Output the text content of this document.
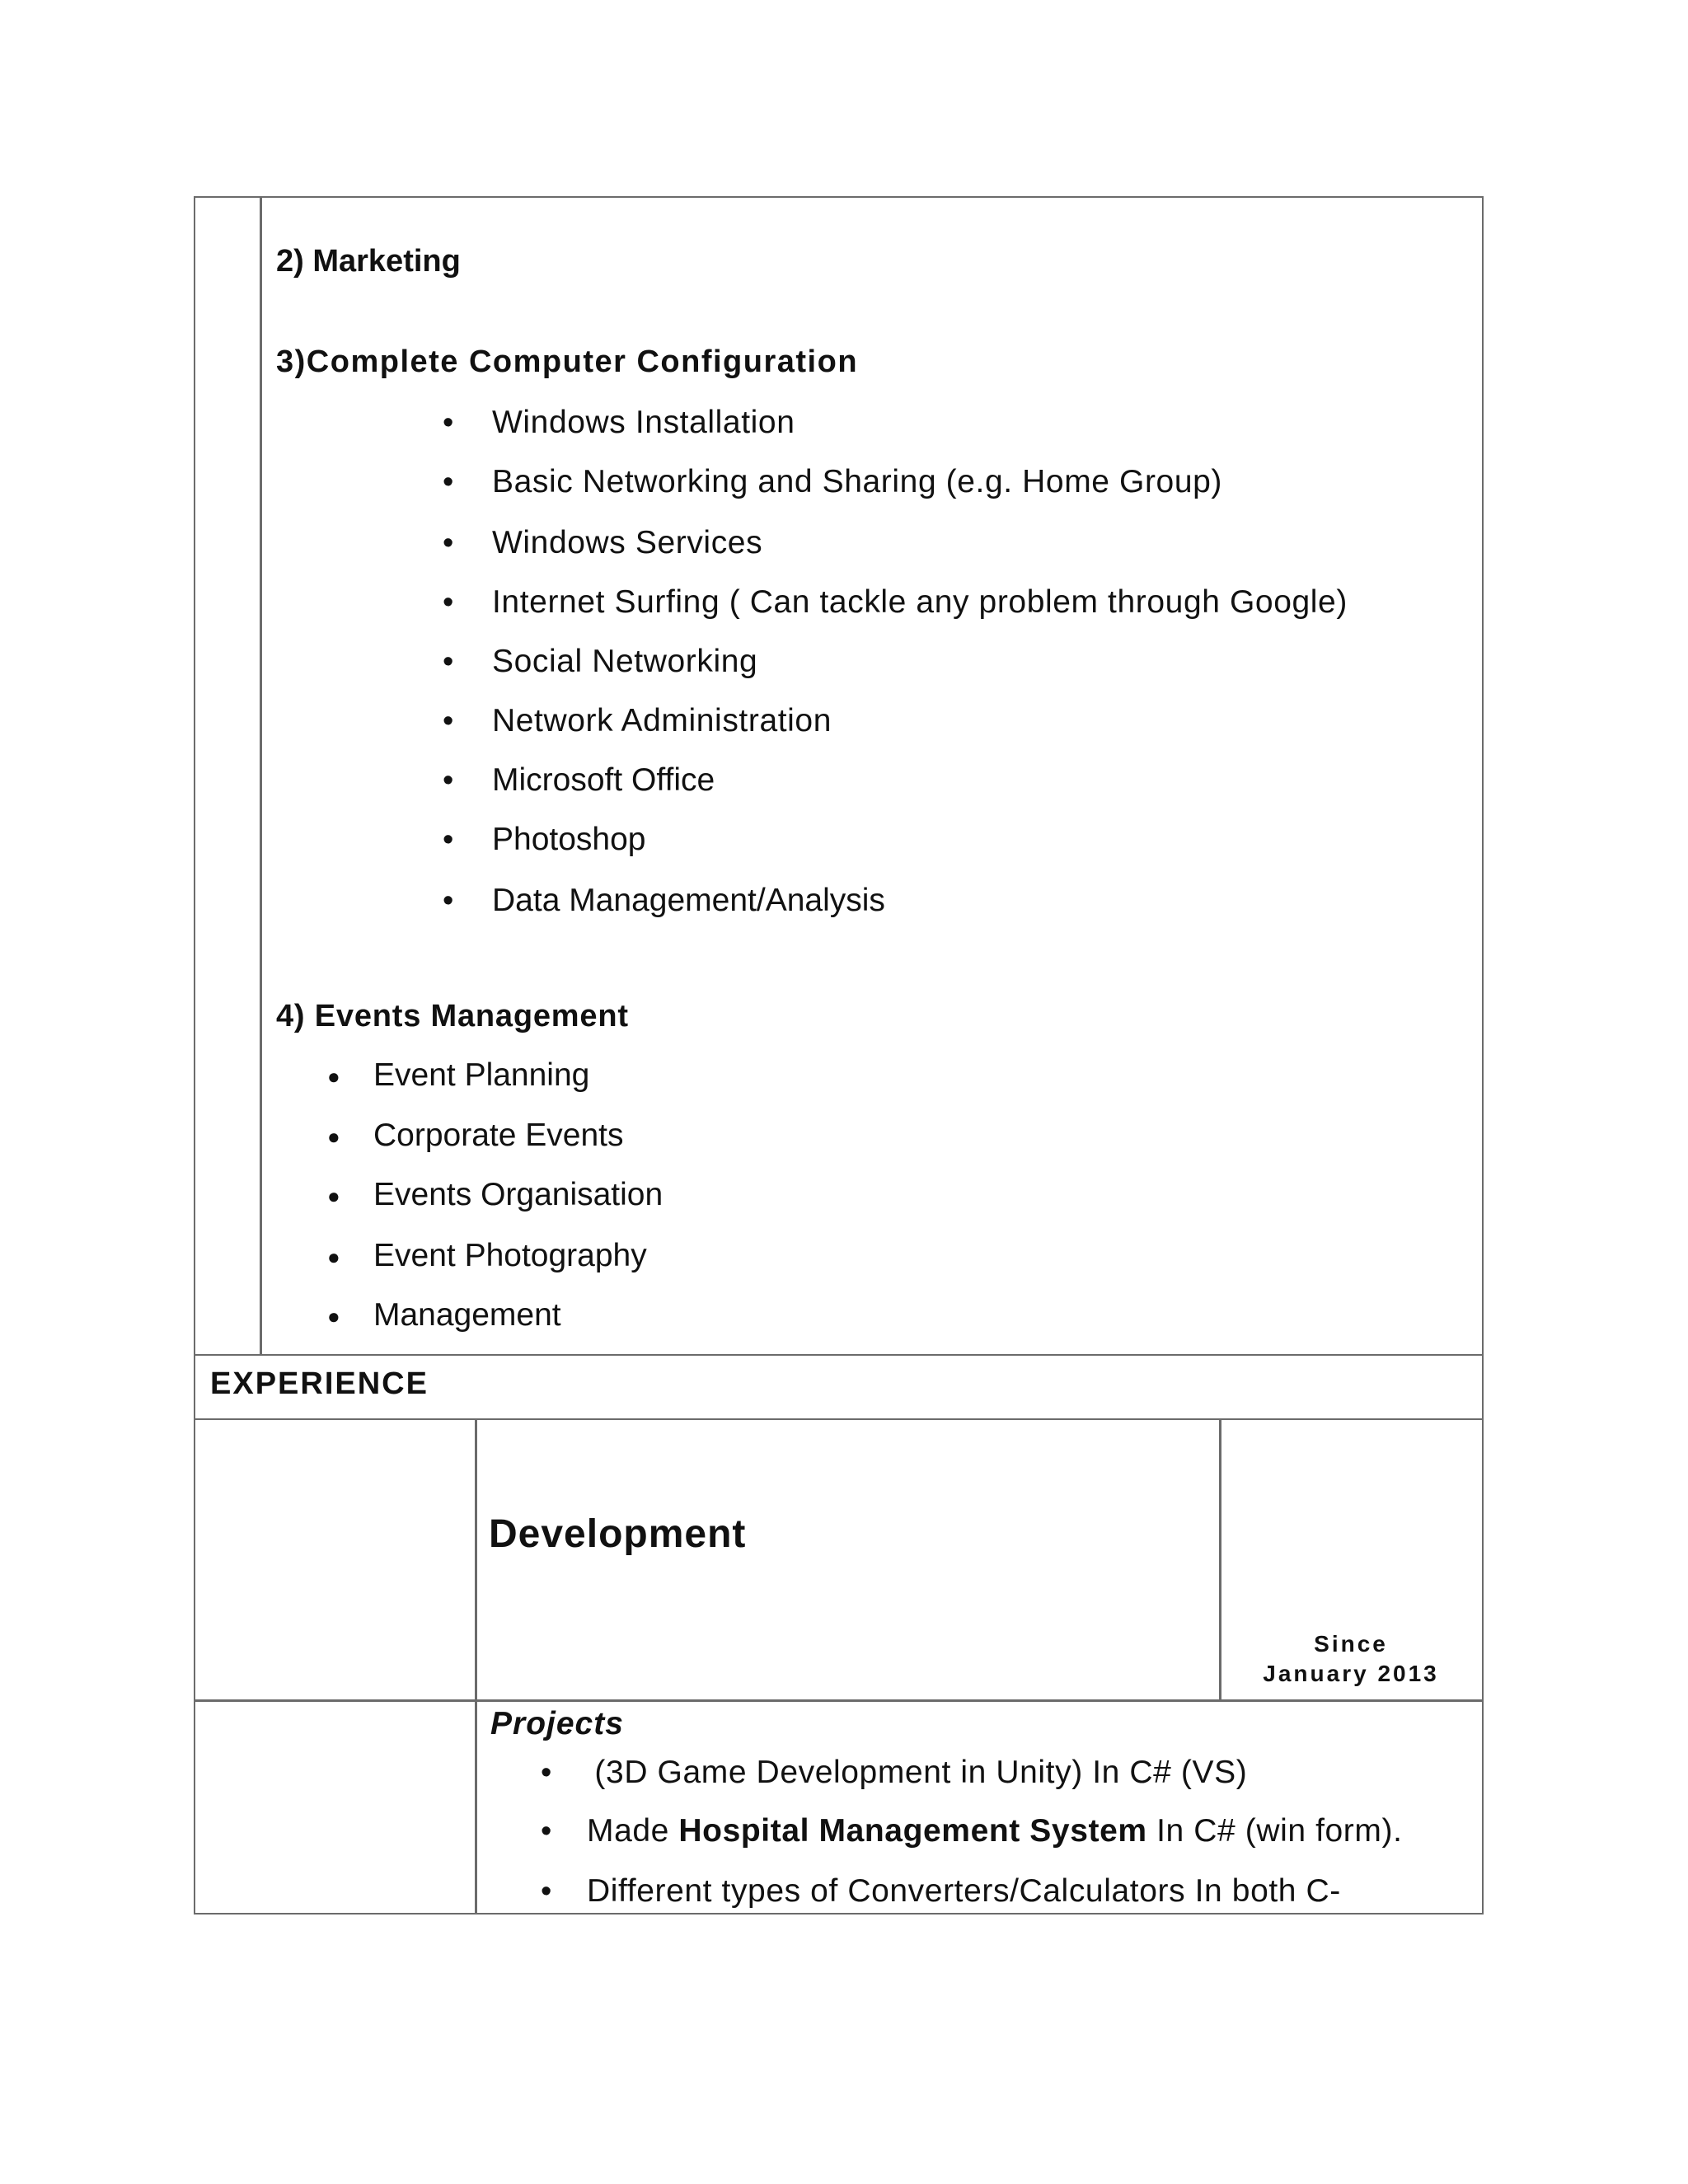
2) Marketing
3)Complete Computer Configuration
• Windows Installation
• Basic Networking and Sharing (e.g. Home Group)
• Windows Services
• Internet Surfing ( Can tackle any problem through Google)
• Social Networking
• Network Administration
• Microsoft Office
• Photoshop
• Data Management/Analysis
4) Events Management
● Event Planning
● Corporate Events
● Events Organisation
● Event Photography
● Management
EXPERIENCE
Development
Since
January 2013
Projects
• (3D Game Development in Unity) In C# (VS)
• Made Hospital Management System In C# (win form).
• Different types of Converters/Calculators In both C-
